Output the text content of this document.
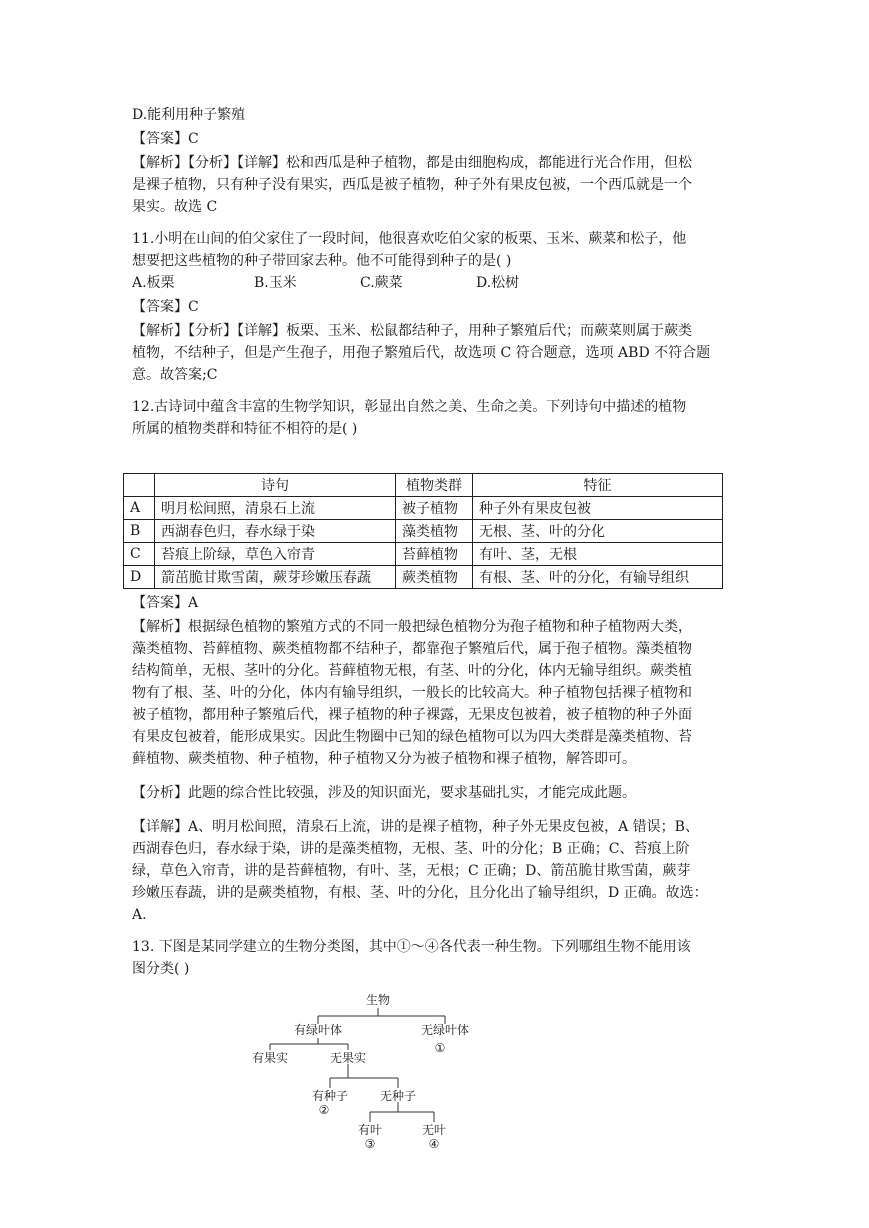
D.能利用种子繁殖
【答案】C
【解析】【分析】【详解】松和西瓜是种子植物，都是由细胞构成，都能进行光合作用，但松
是裸子植物，只有种子没有果实，西瓜是被子植物，种子外有果皮包被，一个西瓜就是一个
果实。故选 C
11.小明在山间的伯父家住了一段时间，他很喜欢吃伯父家的板栗、玉米、蕨菜和松子，他
想要把这些植物的种子带回家去种。他不可能得到种子的是( )
A.板栗	B.玉米	C.蕨菜	D.松树
【答案】C
【解析】【分析】【详解】板栗、玉米、松鼠都结种子，用种子繁殖后代；而蕨菜则属于蕨类
植物，不结种子，但是产生孢子，用孢子繁殖后代，故选项 C 符合题意，选项 ABD 不符合题
意。故答案;C
12.古诗词中蕴含丰富的生物学知识，彰显出自然之美、生命之美。下列诗句中描述的植物
所属的植物类群和特征不相符的是( )
	诗句	植物类群	特征
A	明月松间照，清泉石上流	被子植物	种子外有果皮包被
B	西湖春色归，春水绿于染	藻类植物	无根、茎、叶的分化
C	苔痕上阶绿，草色入帘青	苔藓植物	有叶、茎，无根
D	箭茁脆甘欺雪菌，蕨芽珍嫩压春蔬	蕨类植物	有根、茎、叶的分化，有输导组织
【答案】A
【解析】根据绿色植物的繁殖方式的不同一般把绿色植物分为孢子植物和种子植物两大类，
藻类植物、苔藓植物、蕨类植物都不结种子，都靠孢子繁殖后代，属于孢子植物。藻类植物
结构简单，无根、茎叶的分化。苔藓植物无根，有茎、叶的分化，体内无输导组织。蕨类植
物有了根、茎、叶的分化，体内有输导组织，一般长的比较高大。种子植物包括裸子植物和
被子植物，都用种子繁殖后代，裸子植物的种子裸露，无果皮包被着，被子植物的种子外面
有果皮包被着，能形成果实。因此生物圈中已知的绿色植物可以为四大类群是藻类植物、苔
藓植物、蕨类植物、种子植物，种子植物又分为被子植物和裸子植物，解答即可。
【分析】此题的综合性比较强，涉及的知识面光，要求基础扎实，才能完成此题。
【详解】A、明月松间照，清泉石上流，讲的是裸子植物，种子外无果皮包被，A 错误；B、
西湖春色归，春水绿于染，讲的是藻类植物，无根、茎、叶的分化；B 正确；C、苔痕上阶
绿，草色入帘青，讲的是苔藓植物，有叶、茎，无根；C 正确；D、箭茁脆甘欺雪菌，蕨芽
珍嫩压春蔬，讲的是蕨类植物，有根、茎、叶的分化，且分化出了输导组织，D 正确。故选：
A.
13. 下图是某同学建立的生物分类图，其中①～④各代表一种生物。下列哪组生物不能用该
图分类( )
生物
有绿叶体	无绿叶体
①
有果实	无果实
有种子
②
无种子
有叶
③
无叶
④
